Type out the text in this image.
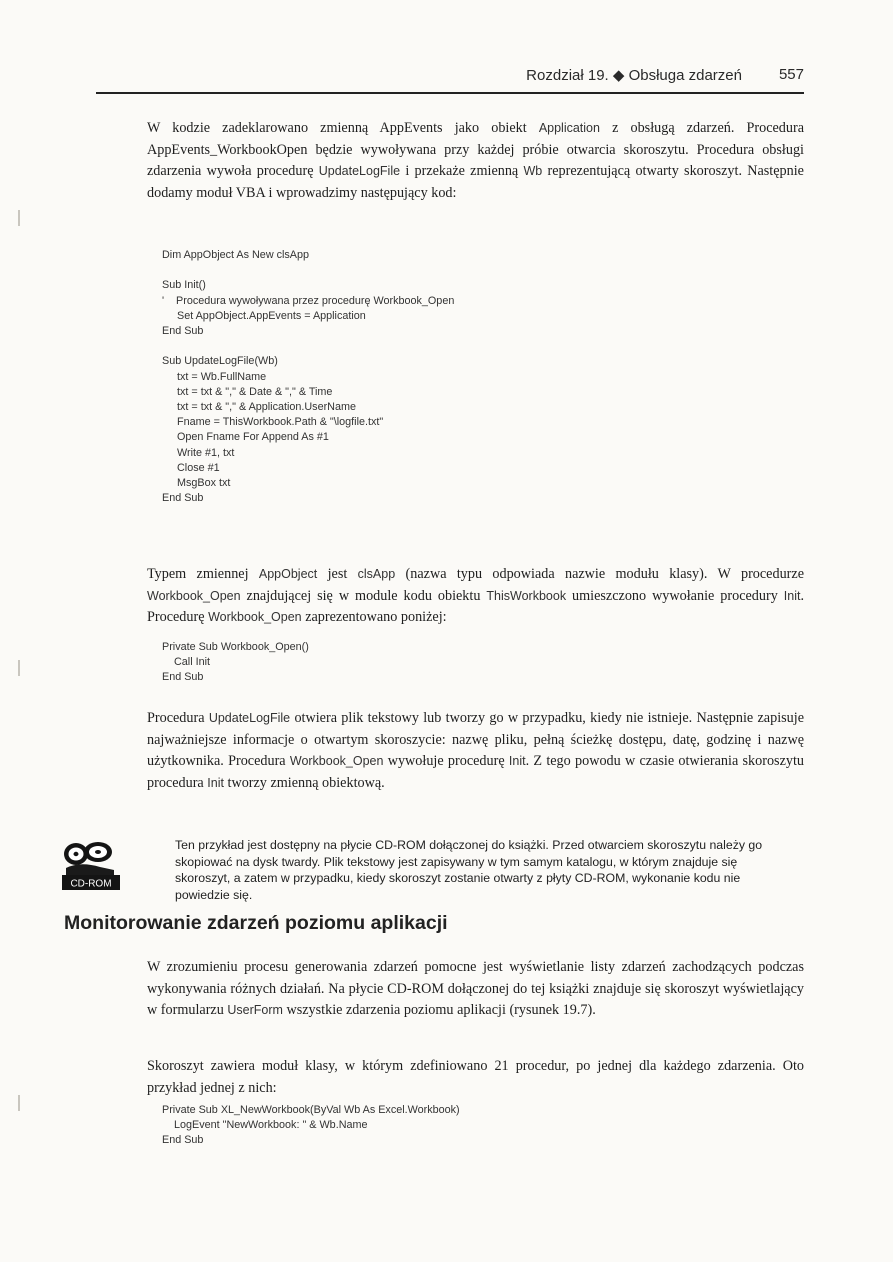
Rozdział 19. ◆ Obsługa zdarzeń 557

W kodzie zadeklarowano zmienną AppEvents jako obiekt Application z obsługą zdarzeń. Procedura AppEvents_WorkbookOpen będzie wywoływana przy każdej próbie otwarcia skoroszytu. Procedura obsługi zdarzenia wywoła procedurę UpdateLogFile i przekaże zmienną Wb reprezentującą otwarty skoroszyt. Następnie dodamy moduł VBA i wprowadzimy następujący kod:

Dim AppObject As New clsApp

Sub Init()
'    Procedura wywoływana przez procedurę Workbook_Open
Set AppObject.AppEvents = Application
End Sub

Sub UpdateLogFile(Wb)
txt = Wb.FullName
txt = txt & "," & Date & "," & Time
txt = txt & "," & Application.UserName
Fname = ThisWorkbook.Path & "\logfile.txt"
Open Fname For Append As #1
Write #1, txt
Close #1
MsgBox txt
End Sub

Typem zmiennej AppObject jest clsApp (nazwa typu odpowiada nazwie modułu klasy). W procedurze Workbook_Open znajdującej się w module kodu obiektu ThisWorkbook umieszczono wywołanie procedury Init. Procedurę Workbook_Open zaprezentowano poniżej:

Private Sub Workbook_Open()
Call Init
End Sub

Procedura UpdateLogFile otwiera plik tekstowy lub tworzy go w przypadku, kiedy nie istnieje. Następnie zapisuje najważniejsze informacje o otwartym skoroszycie: nazwę pliku, pełną ścieżkę dostępu, datę, godzinę i nazwę użytkownika. Procedura Workbook_Open wywołuje procedurę Init. Z tego powodu w czasie otwierania skoroszytu procedura Init tworzy zmienną obiektową.

CD-ROM
Ten przykład jest dostępny na płycie CD-ROM dołączonej do książki. Przed otwarciem skoroszytu należy go skopiować na dysk twardy. Plik tekstowy jest zapisywany w tym samym katalogu, w którym znajduje się skoroszyt, a zatem w przypadku, kiedy skoroszyt zostanie otwarty z płyty CD-ROM, wykonanie kodu nie powiedzie się.
Monitorowanie zdarzeń poziomu aplikacji

W zrozumieniu procesu generowania zdarzeń pomocne jest wyświetlanie listy zdarzeń zachodzących podczas wykonywania różnych działań. Na płycie CD-ROM dołączonej do tej książki znajduje się skoroszyt wyświetlający w formularzu UserForm wszystkie zdarzenia poziomu aplikacji (rysunek 19.7).

Skoroszyt zawiera moduł klasy, w którym zdefiniowano 21 procedur, po jednej dla każdego zdarzenia. Oto przykład jednej z nich:

Private Sub XL_NewWorkbook(ByVal Wb As Excel.Workbook)
LogEvent "NewWorkbook: " & Wb.Name
End Sub
